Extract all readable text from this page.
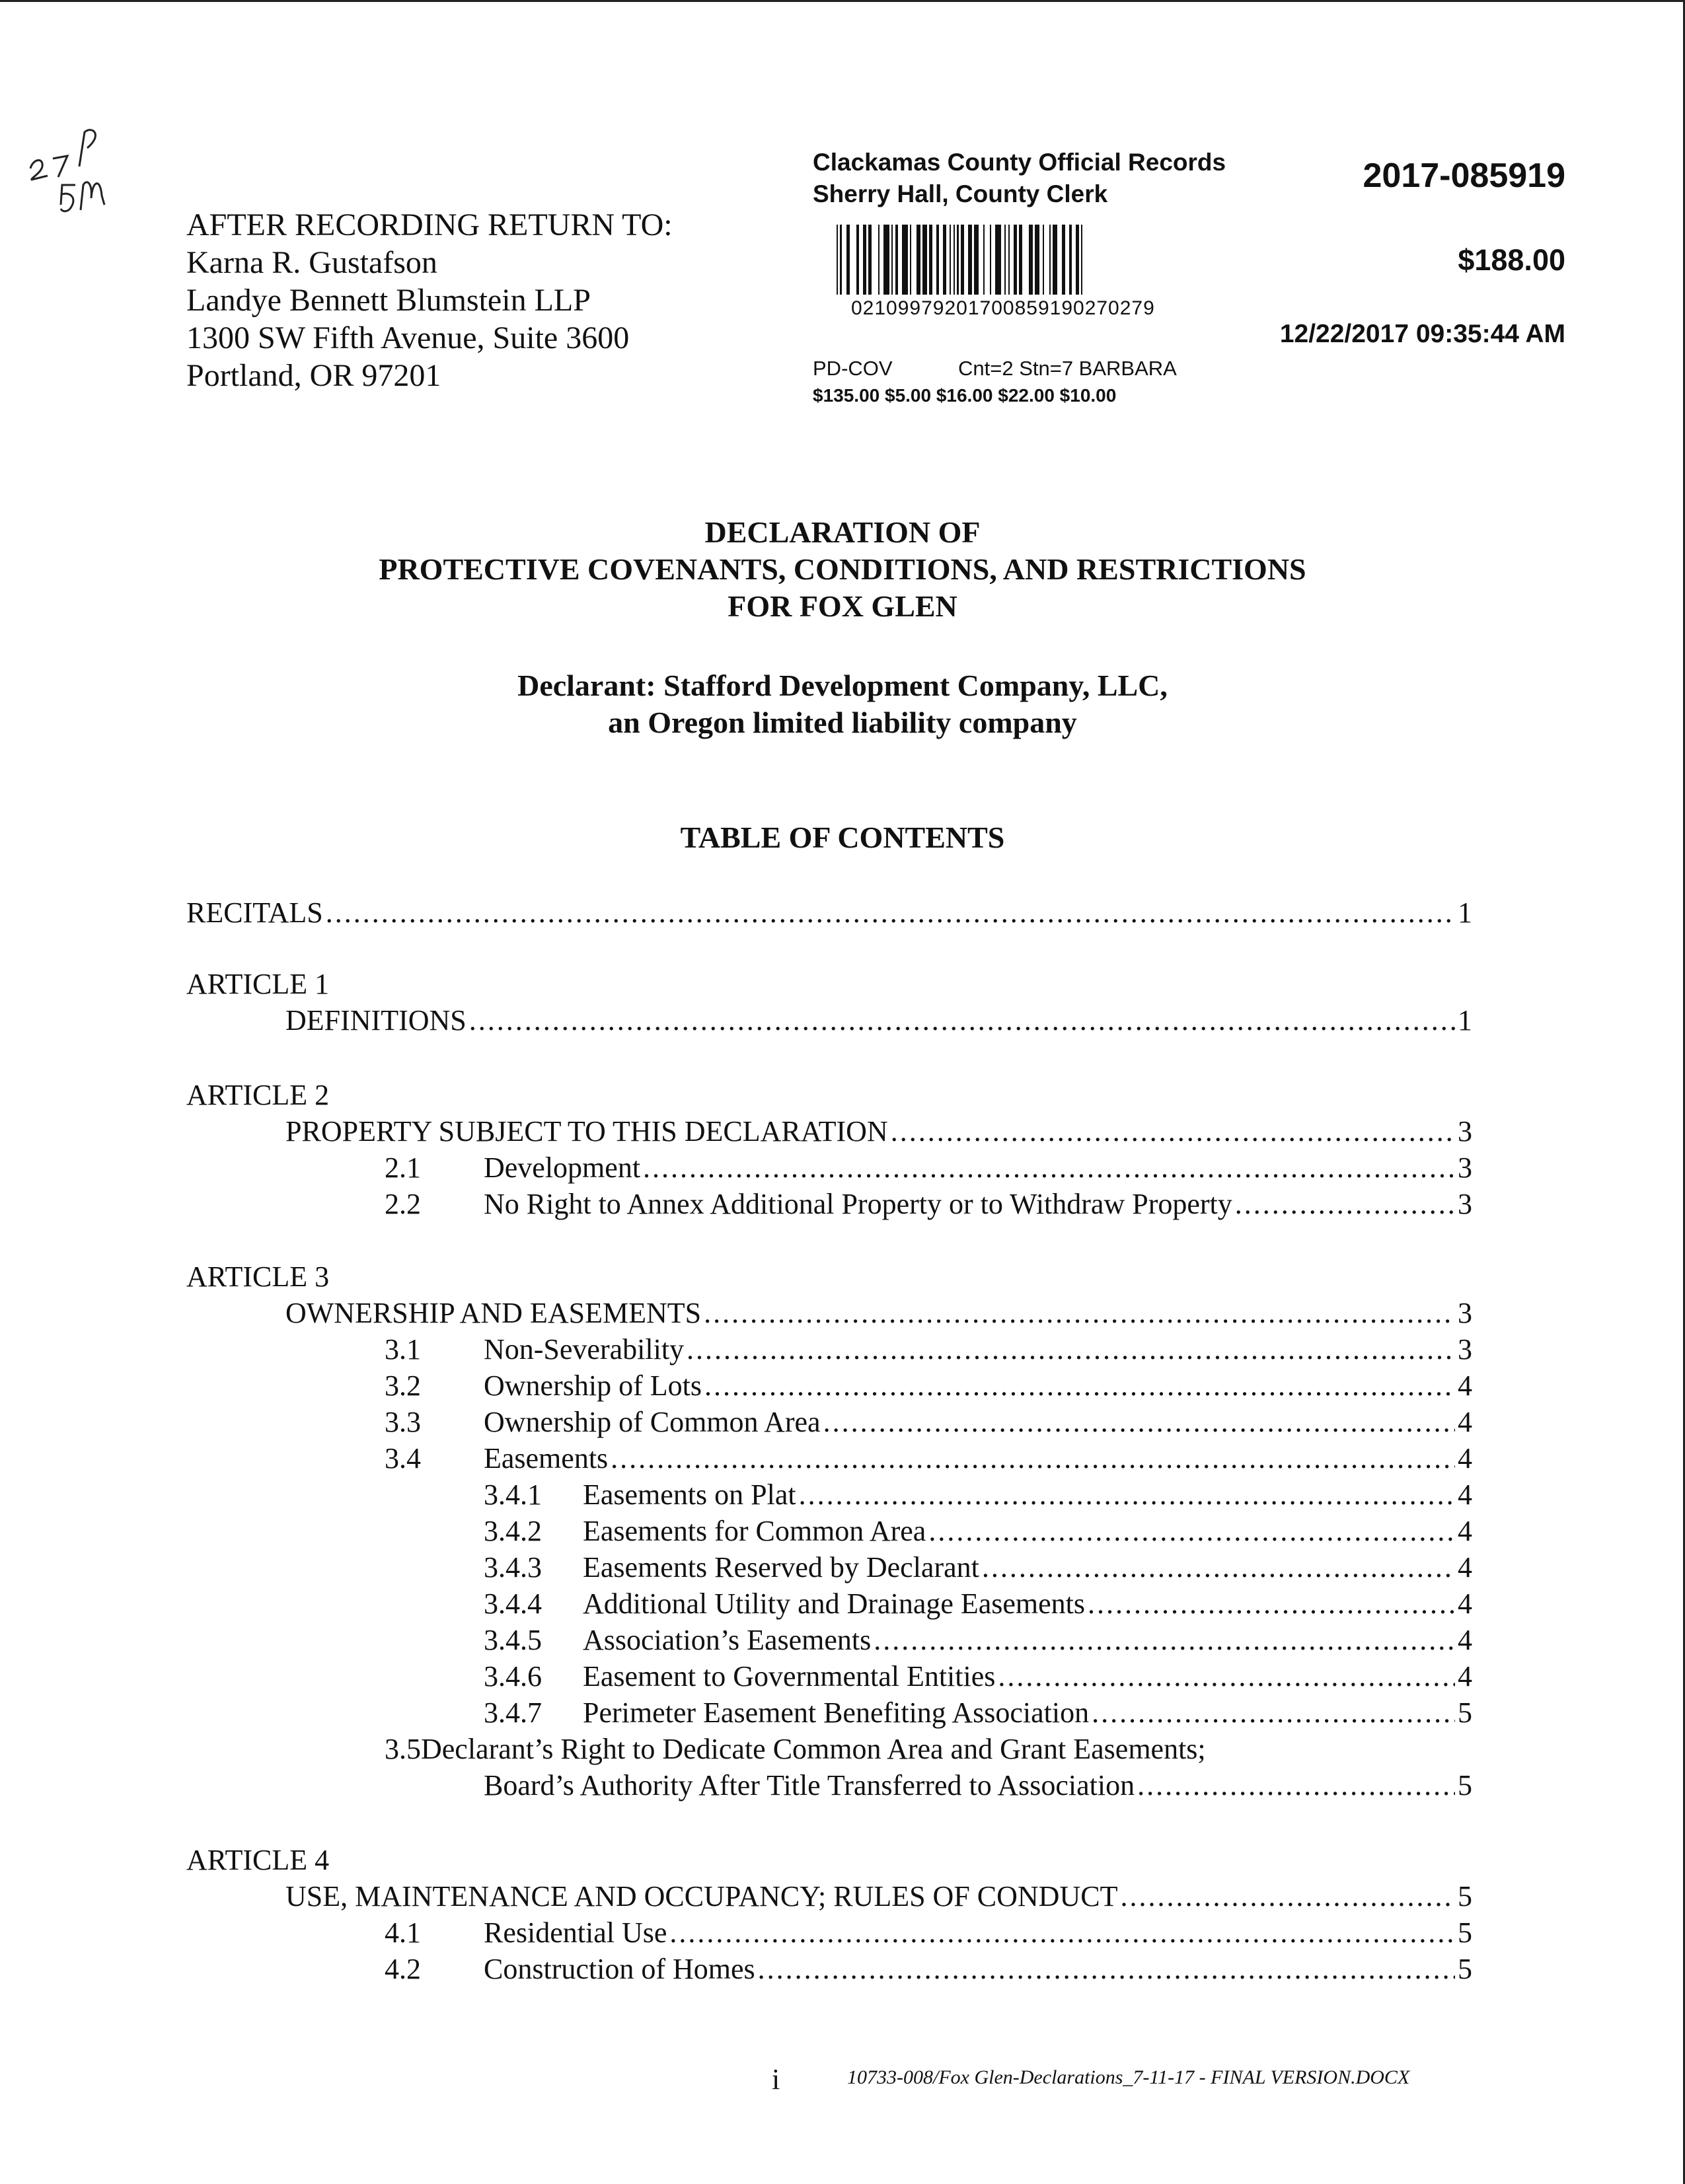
AFTER RECORDING RETURN TO:
Karna R. Gustafson
Landye Bennett Blumstein LLP
1300 SW Fifth Avenue, Suite 3600
Portland, OR 97201
Clackamas County Official Records
Sherry Hall, County Clerk	2017-085919
$188.00
02109979201700859190270279
12/22/2017 09:35:44 AM
PD-COV	Cnt=2 Stn=7 BARBARA
$135.00 $5.00 $16.00 $22.00 $10.00
DECLARATION OF
PROTECTIVE COVENANTS, CONDITIONS, AND RESTRICTIONS
FOR FOX GLEN
Declarant: Stafford Development Company, LLC,
an Oregon limited liability company
TABLE OF CONTENTS
RECITALS . . .	1
ARTICLE 1
DEFINITIONS . . .	1
ARTICLE 2
PROPERTY SUBJECT TO THIS DECLARATION . . .	3
2.1	Development . . .	3
2.2	No Right to Annex Additional Property or to Withdraw Property . . .	3
ARTICLE 3
OWNERSHIP AND EASEMENTS . . .	3
3.1	Non-Severability . . .	3
3.2	Ownership of Lots . . .	4
3.3	Ownership of Common Area . . .	4
3.4	Easements . . .	4
3.4.1	Easements on Plat . . .	4
3.4.2	Easements for Common Area . . .	4
3.4.3	Easements Reserved by Declarant . . .	4
3.4.4	Additional Utility and Drainage Easements . . .	4
3.4.5	Association’s Easements . . .	4
3.4.6	Easement to Governmental Entities . . .	4
3.4.7	Perimeter Easement Benefiting Association . . .	5
3.5Declarant’s Right to Dedicate Common Area and Grant Easements;
Board’s Authority After Title Transferred to Association . . .	5
ARTICLE 4
USE, MAINTENANCE AND OCCUPANCY; RULES OF CONDUCT . . .	5
4.1	Residential Use . . .	5
4.2	Construction of Homes . . .	5
i	10733-008/Fox Glen-Declarations_7-11-17 - FINAL VERSION.DOCX
